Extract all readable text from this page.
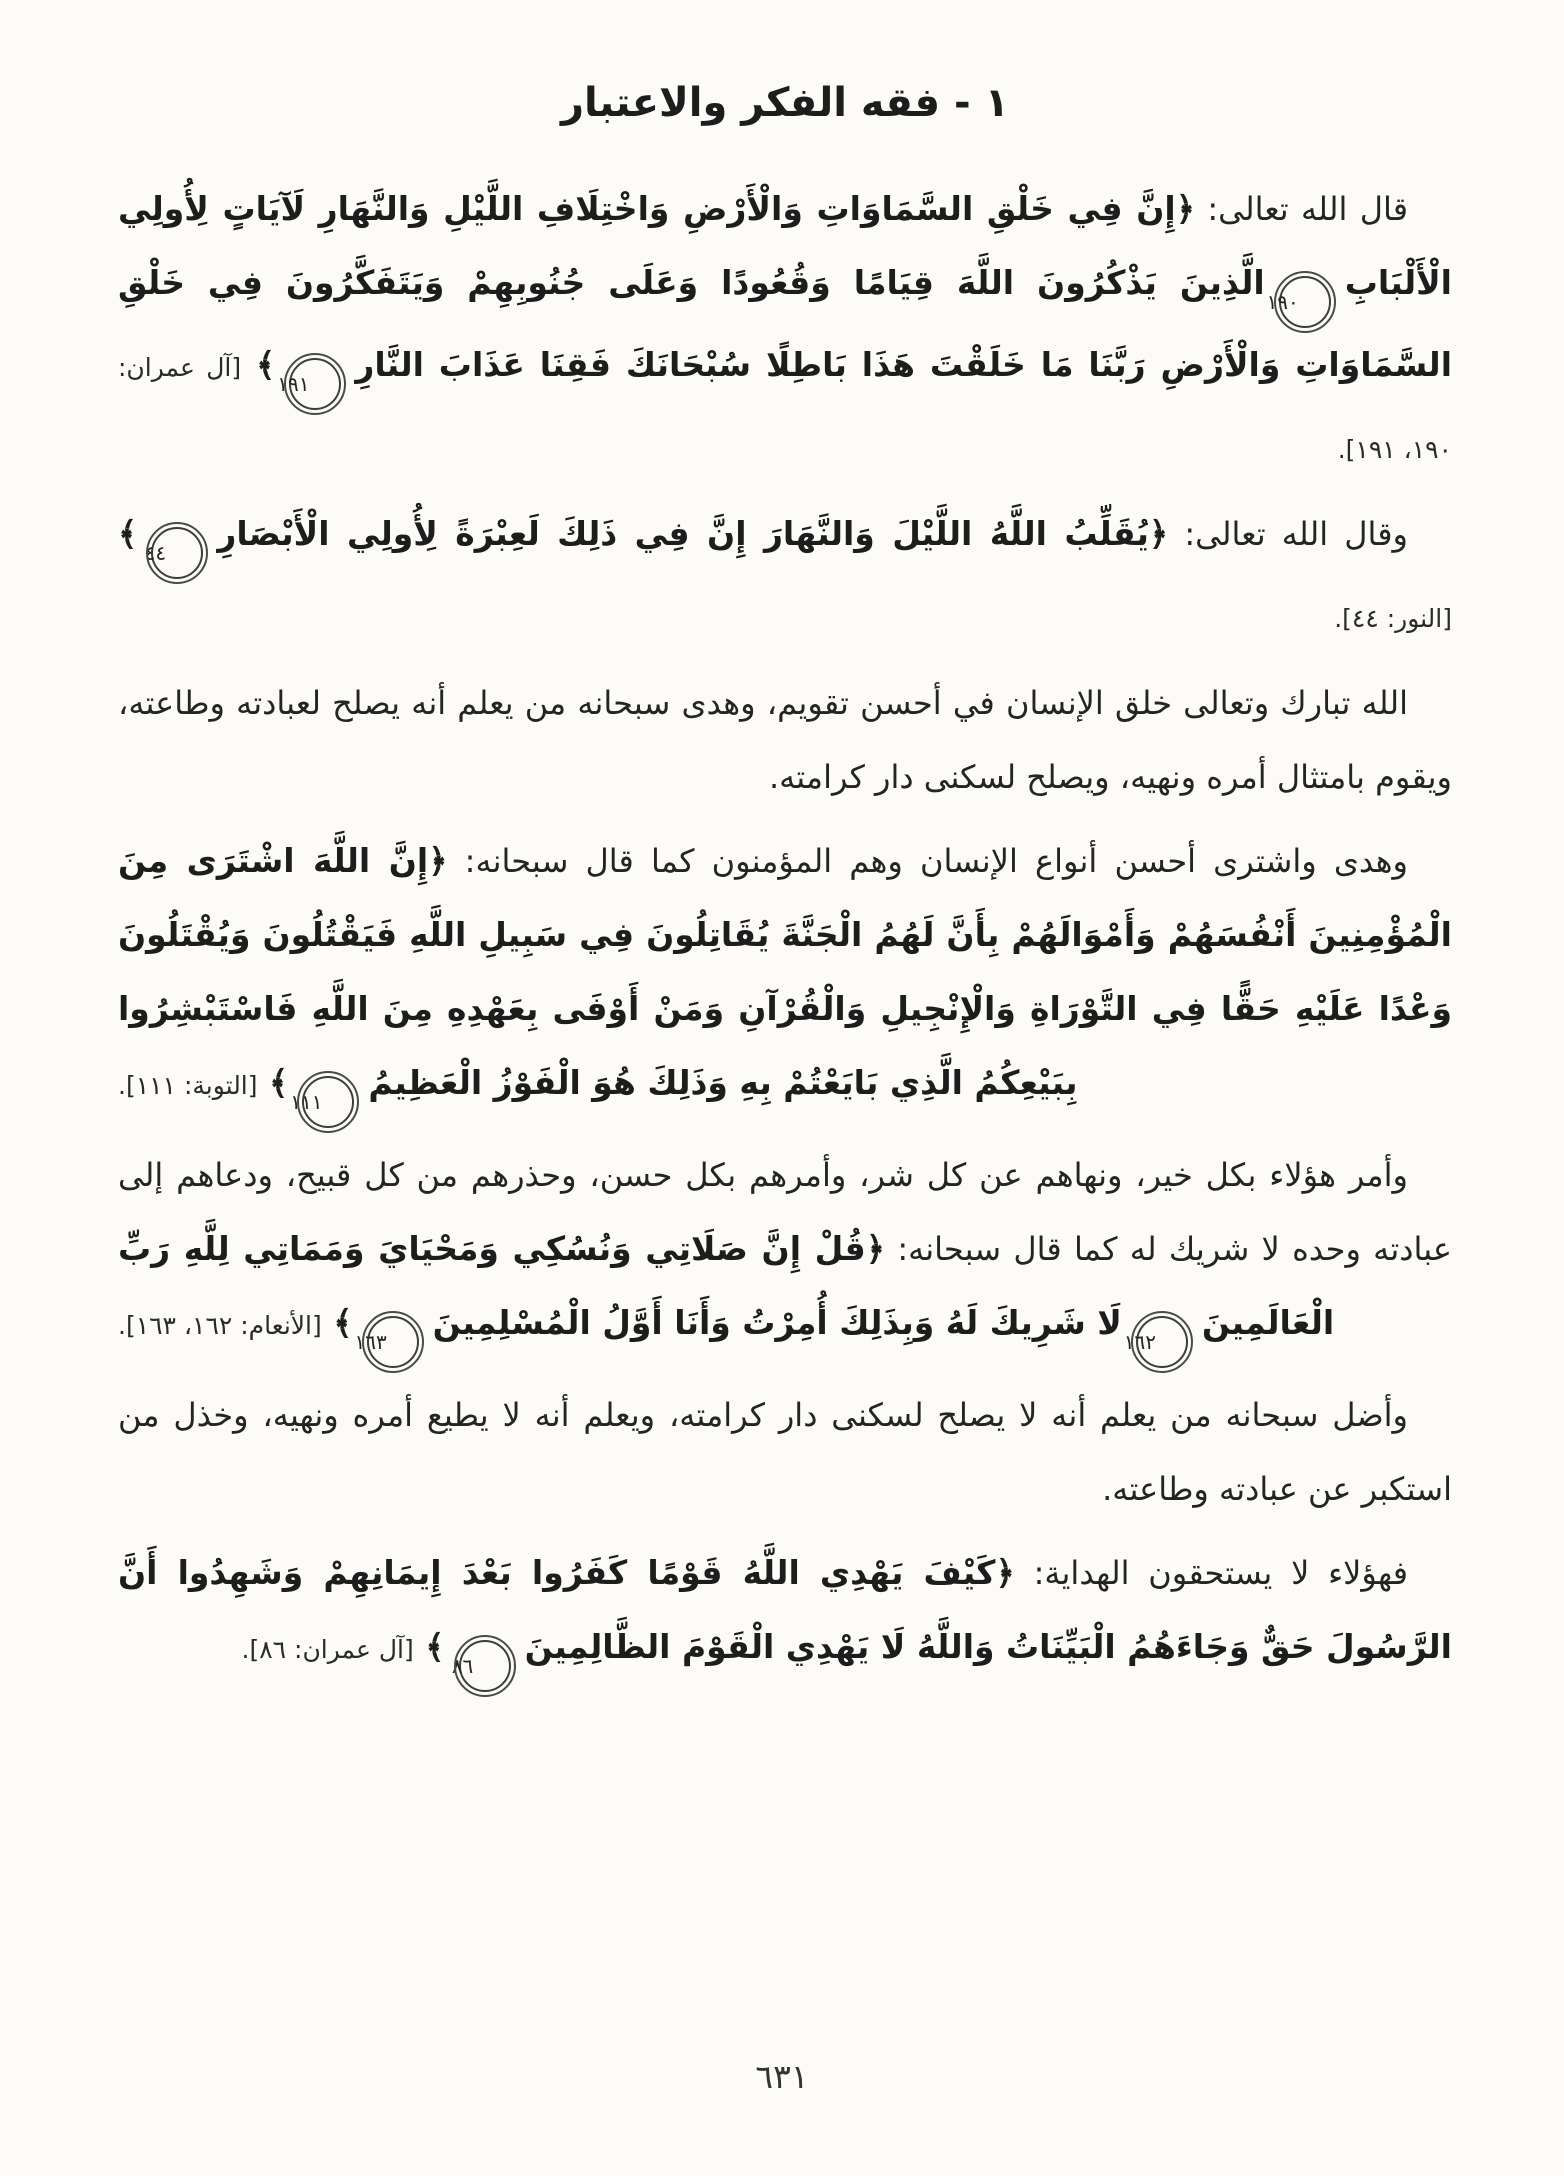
١ - فقه الفكر والاعتبار

قال الله تعالى: ﴿إِنَّ فِي خَلْقِ السَّمَاوَاتِ وَالْأَرْضِ وَاخْتِلَافِ اللَّيْلِ وَالنَّهَارِ لَآيَاتٍ لِأُولِي الْأَلْبَابِ١٩٠الَّذِينَ يَذْكُرُونَ اللَّهَ قِيَامًا وَقُعُودًا وَعَلَى جُنُوبِهِمْ وَيَتَفَكَّرُونَ فِي خَلْقِ السَّمَاوَاتِ وَالْأَرْضِ رَبَّنَا مَا خَلَقْتَ هَذَا بَاطِلًا سُبْحَانَكَ فَقِنَا عَذَابَ النَّارِ١٩١﴾ [آل عمران: ١٩٠، ١٩١].

وقال الله تعالى: ﴿يُقَلِّبُ اللَّهُ اللَّيْلَ وَالنَّهَارَ إِنَّ فِي ذَلِكَ لَعِبْرَةً لِأُولِي الْأَبْصَارِ٤٤﴾ [النور: ٤٤].

الله تبارك وتعالى خلق الإنسان في أحسن تقويم، وهدى سبحانه من يعلم أنه يصلح لعبادته وطاعته، ويقوم بامتثال أمره ونهيه، ويصلح لسكنى دار كرامته.

وهدى واشترى أحسن أنواع الإنسان وهم المؤمنون كما قال سبحانه: ﴿إِنَّ اللَّهَ اشْتَرَى مِنَ الْمُؤْمِنِينَ أَنْفُسَهُمْ وَأَمْوَالَهُمْ بِأَنَّ لَهُمُ الْجَنَّةَ يُقَاتِلُونَ فِي سَبِيلِ اللَّهِ فَيَقْتُلُونَ وَيُقْتَلُونَ وَعْدًا عَلَيْهِ حَقًّا فِي التَّوْرَاةِ وَالْإِنْجِيلِ وَالْقُرْآنِ وَمَنْ أَوْفَى بِعَهْدِهِ مِنَ اللَّهِ فَاسْتَبْشِرُوا بِبَيْعِكُمُ الَّذِي بَايَعْتُمْ بِهِ وَذَلِكَ هُوَ الْفَوْزُ الْعَظِيمُ١١١﴾ [التوبة: ١١١].

وأمر هؤلاء بكل خير، ونهاهم عن كل شر، وأمرهم بكل حسن، وحذرهم من كل قبيح، ودعاهم إلى عبادته وحده لا شريك له كما قال سبحانه: ﴿قُلْ إِنَّ صَلَاتِي وَنُسُكِي وَمَحْيَايَ وَمَمَاتِي لِلَّهِ رَبِّ الْعَالَمِينَ١٦٢لَا شَرِيكَ لَهُ وَبِذَلِكَ أُمِرْتُ وَأَنَا أَوَّلُ الْمُسْلِمِينَ١٦٣﴾ [الأنعام: ١٦٢، ١٦٣].

وأضل سبحانه من يعلم أنه لا يصلح لسكنى دار كرامته، ويعلم أنه لا يطيع أمره ونهيه، وخذل من استكبر عن عبادته وطاعته.

فهؤلاء لا يستحقون الهداية: ﴿كَيْفَ يَهْدِي اللَّهُ قَوْمًا كَفَرُوا بَعْدَ إِيمَانِهِمْ وَشَهِدُوا أَنَّ الرَّسُولَ حَقٌّ وَجَاءَهُمُ الْبَيِّنَاتُ وَاللَّهُ لَا يَهْدِي الْقَوْمَ الظَّالِمِينَ٨٦﴾ [آل عمران: ٨٦].

٦٣١
